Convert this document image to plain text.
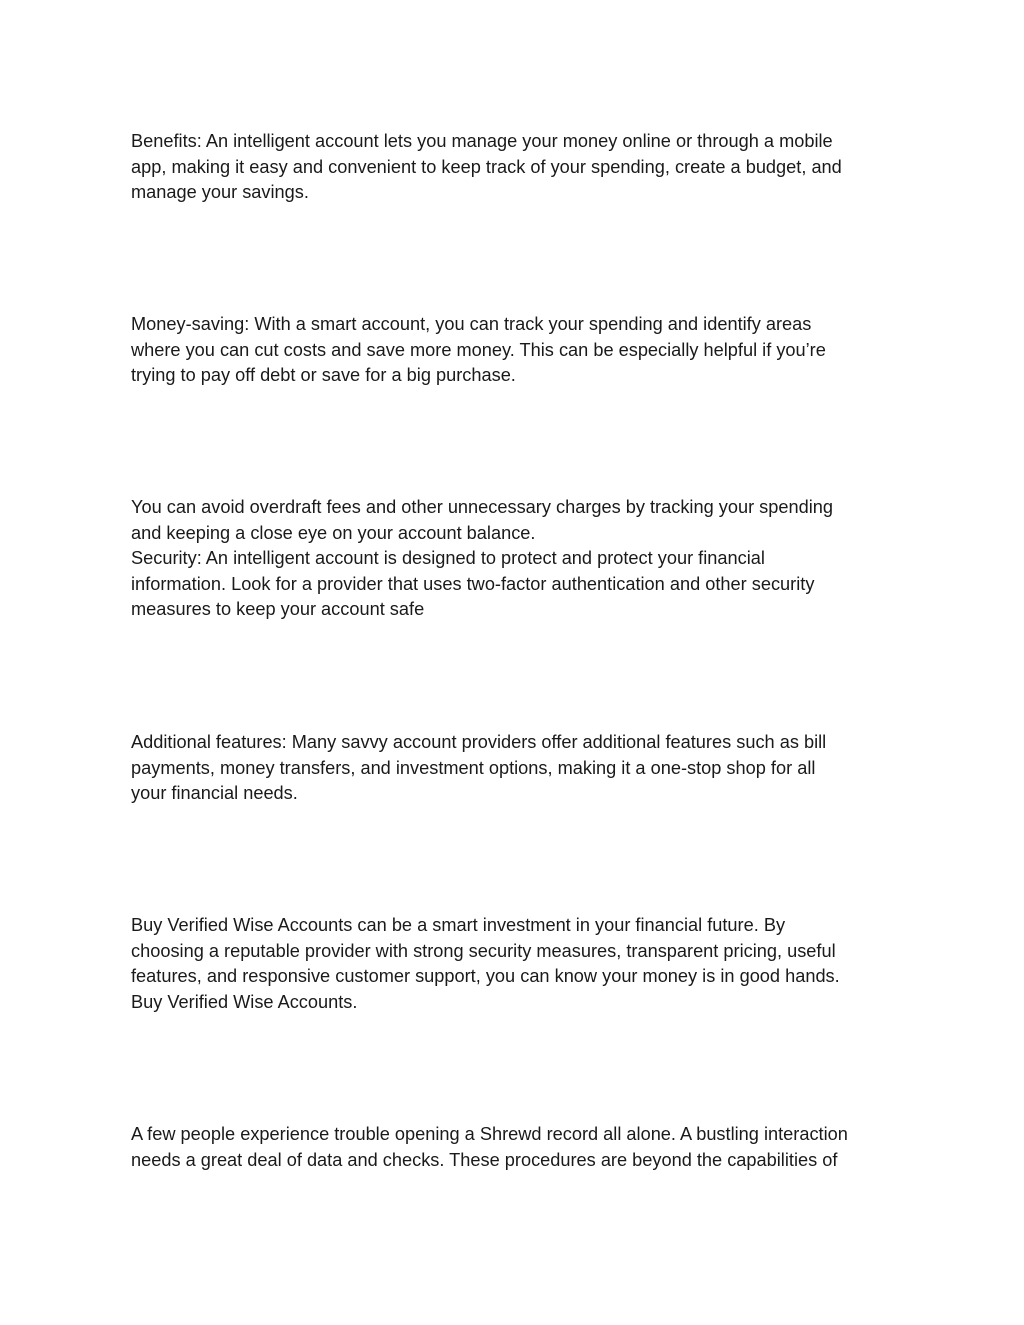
Benefits: An intelligent account lets you manage your money online or through a mobile
app, making it easy and convenient to keep track of your spending, create a budget, and
manage your savings.

Money-saving: With a smart account, you can track your spending and identify areas
where you can cut costs and save more money. This can be especially helpful if you’re
trying to pay off debt or save for a big purchase.

You can avoid overdraft fees and other unnecessary charges by tracking your spending
and keeping a close eye on your account balance.
Security: An intelligent account is designed to protect and protect your financial
information. Look for a provider that uses two-factor authentication and other security
measures to keep your account safe

Additional features: Many savvy account providers offer additional features such as bill
payments, money transfers, and investment options, making it a one-stop shop for all
your financial needs.

Buy Verified Wise Accounts can be a smart investment in your financial future. By
choosing a reputable provider with strong security measures, transparent pricing, useful
features, and responsive customer support, you can know your money is in good hands.
Buy Verified Wise Accounts.

A few people experience trouble opening a Shrewd record all alone. A bustling interaction
needs a great deal of data and checks. These procedures are beyond the capabilities of
